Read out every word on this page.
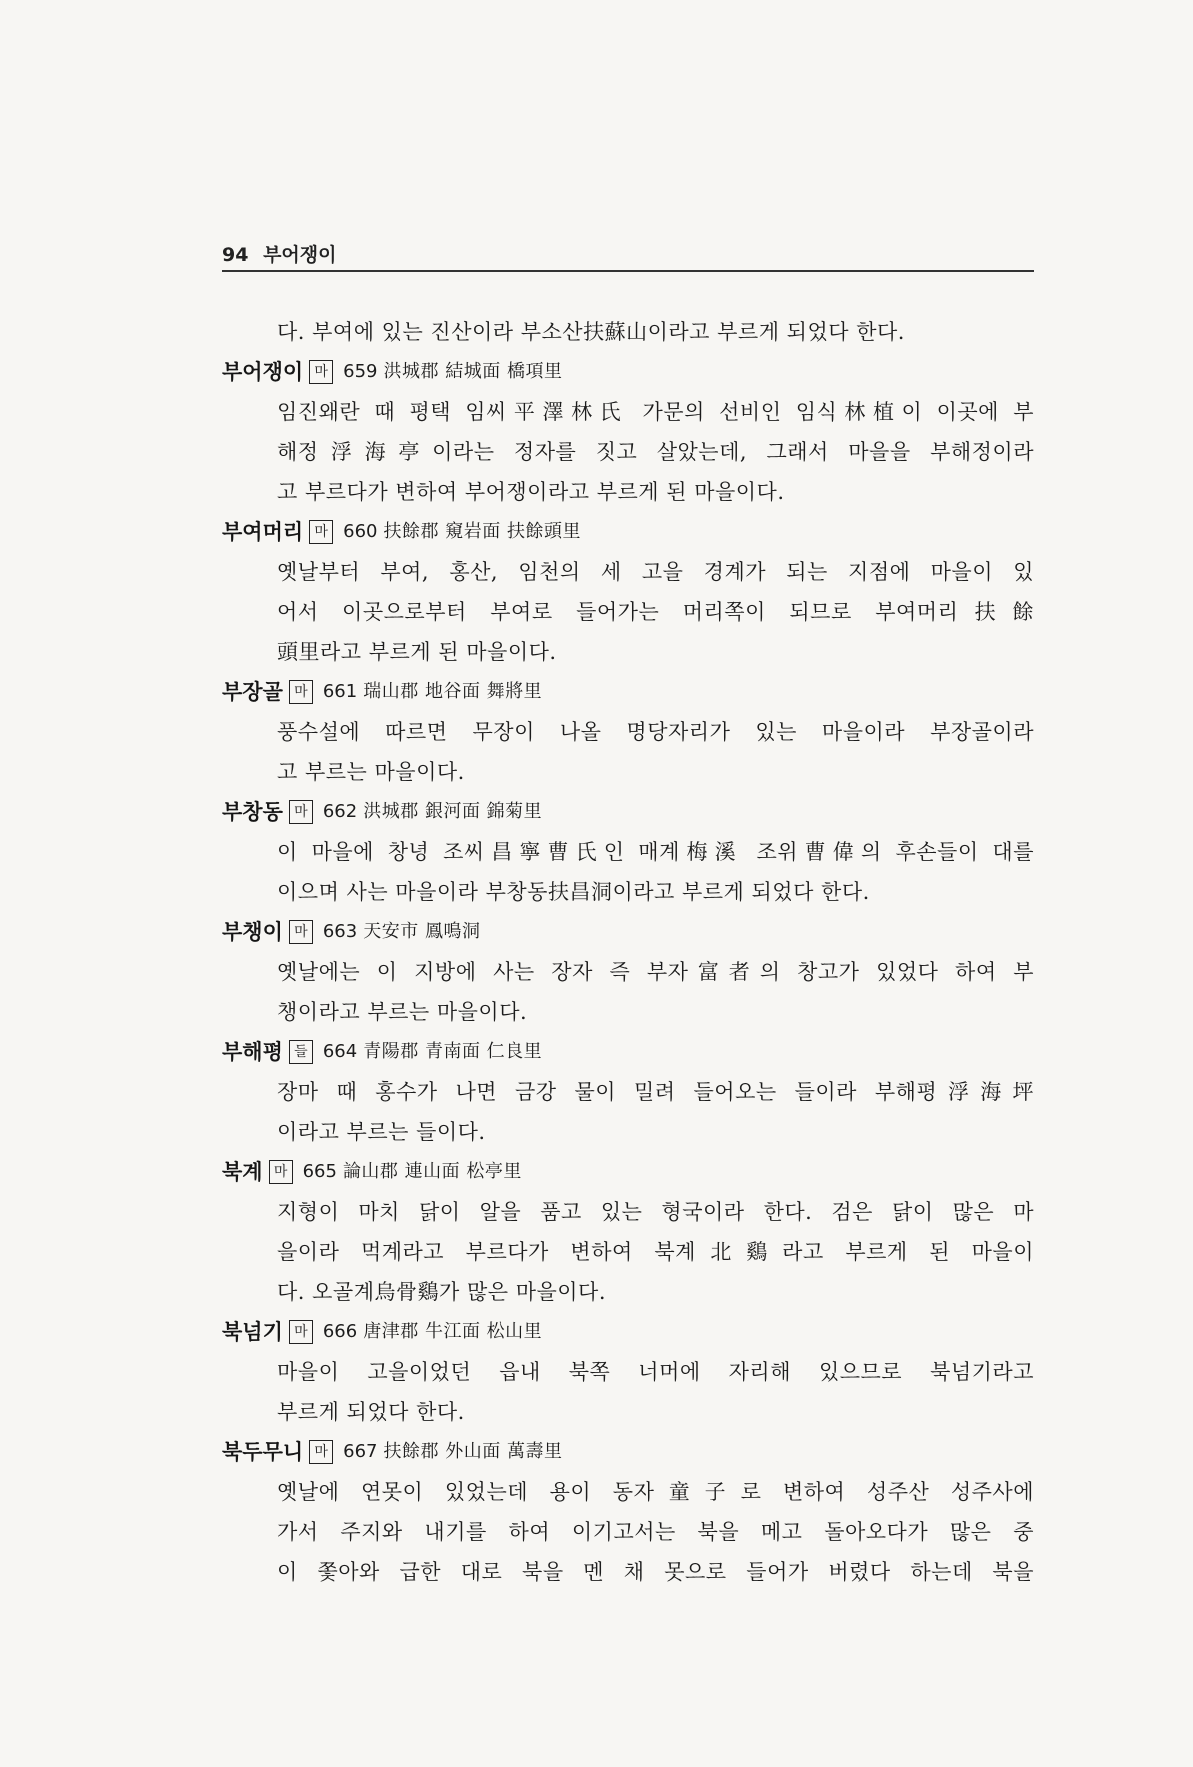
94 부어쟁이
다. 부여에 있는 진산이라 부소산扶蘇山이라고 부르게 되었다 한다.
부어쟁이 마 659 洪城郡 結城面 橋項里
임진왜란 때 평택 임씨平澤林氏 가문의 선비인 임식林植이 이곳에 부
해정浮海亭이라는 정자를 짓고 살았는데, 그래서 마을을 부해정이라
고 부르다가 변하여 부어쟁이라고 부르게 된 마을이다.
부여머리 마 660 扶餘郡 窺岩面 扶餘頭里
옛날부터 부여, 홍산, 임천의 세 고을 경계가 되는 지점에 마을이 있
어서 이곳으로부터 부여로 들어가는 머리쪽이 되므로 부여머리扶餘
頭里라고 부르게 된 마을이다.
부장골 마 661 瑞山郡 地谷面 舞將里
풍수설에 따르면 무장이 나올 명당자리가 있는 마을이라 부장골이라
고 부르는 마을이다.
부창동 마 662 洪城郡 銀河面 錦菊里
이 마을에 창녕 조씨昌寧曹氏인 매계梅溪 조위曹偉의 후손들이 대를
이으며 사는 마을이라 부창동扶昌洞이라고 부르게 되었다 한다.
부챙이 마 663 天安市 鳳鳴洞
옛날에는 이 지방에 사는 장자 즉 부자富者의 창고가 있었다 하여 부
챙이라고 부르는 마을이다.
부해평 들 664 青陽郡 青南面 仁良里
장마 때 홍수가 나면 금강 물이 밀려 들어오는 들이라 부해평浮海坪
이라고 부르는 들이다.
북계 마 665 論山郡 連山面 松亭里
지형이 마치 닭이 알을 품고 있는 형국이라 한다. 검은 닭이 많은 마
을이라 먹계라고 부르다가 변하여 북계北鷄라고 부르게 된 마을이
다. 오골계烏骨鷄가 많은 마을이다.
북넘기 마 666 唐津郡 牛江面 松山里
마을이 고을이었던 읍내 북쪽 너머에 자리해 있으므로 북넘기라고
부르게 되었다 한다.
북두무니 마 667 扶餘郡 外山面 萬壽里
옛날에 연못이 있었는데 용이 동자童子로 변하여 성주산 성주사에
가서 주지와 내기를 하여 이기고서는 북을 메고 돌아오다가 많은 중
이 쫓아와 급한 대로 북을 멘 채 못으로 들어가 버렸다 하는데 북을
